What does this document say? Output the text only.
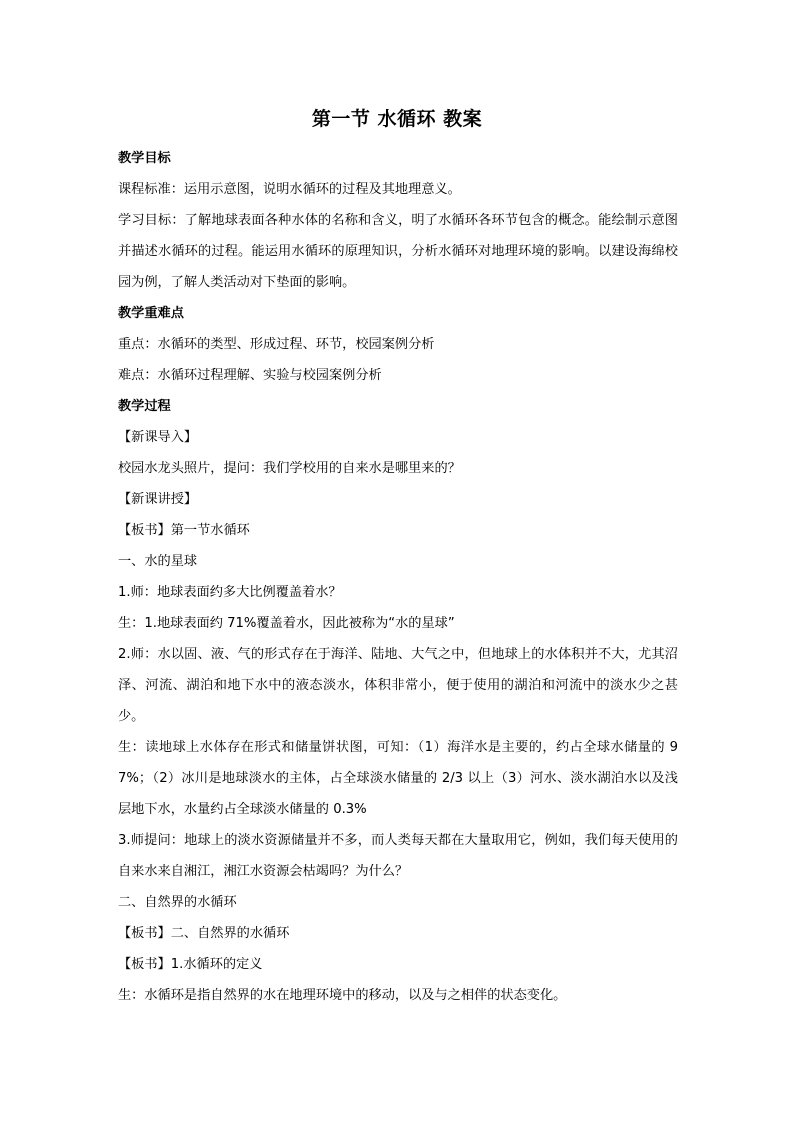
第一节 水循环 教案

教学目标

课程标准：运用示意图，说明水循环的过程及其地理意义。

学习目标：了解地球表面各种水体的名称和含义，明了水循环各环节包含的概念。能绘制示意图并描述水循环的过程。能运用水循环的原理知识，分析水循环对地理环境的影响。以建设海绵校园为例，了解人类活动对下垫面的影响。

教学重难点

重点：水循环的类型、形成过程、环节，校园案例分析

难点：水循环过程理解、实验与校园案例分析

教学过程

【新课导入】

校园水龙头照片，提问：我们学校用的自来水是哪里来的？

【新课讲授】

【板书】第一节水循环

一、水的星球

1.师：地球表面约多大比例覆盖着水？

生：1.地球表面约 71%覆盖着水，因此被称为“水的星球”

2.师：水以固、液、气的形式存在于海洋、陆地、大气之中，但地球上的水体积并不大，尤其沼泽、河流、湖泊和地下水中的液态淡水，体积非常小，便于使用的湖泊和河流中的淡水少之甚少。

生：读地球上水体存在形式和储量饼状图，可知：（1）海洋水是主要的，约占全球水储量的 97%；（2）冰川是地球淡水的主体，占全球淡水储量的 2/3 以上（3）河水、淡水湖泊水以及浅层地下水，水量约占全球淡水储量的 0.3%

3.师提问：地球上的淡水资源储量并不多，而人类每天都在大量取用它，例如，我们每天使用的自来水来自湘江，湘江水资源会枯竭吗？为什么？

二、自然界的水循环

【板书】二、自然界的水循环

【板书】1.水循环的定义

生：水循环是指自然界的水在地理环境中的移动，以及与之相伴的状态变化。
